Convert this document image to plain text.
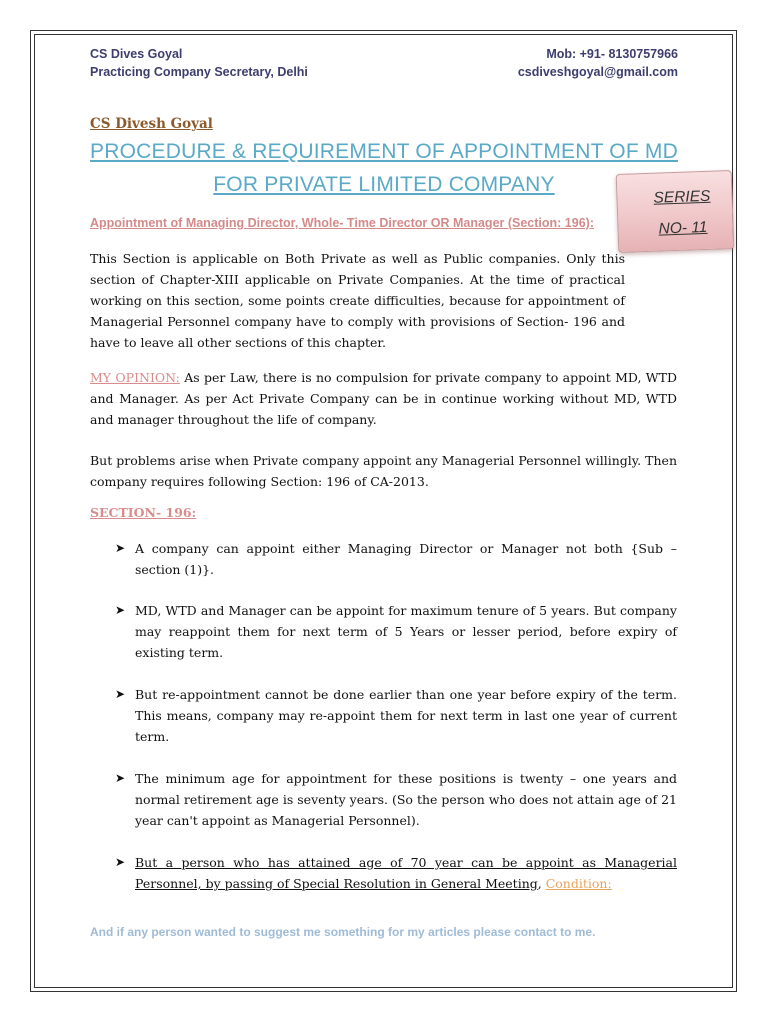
CS Dives Goyal
Practicing Company Secretary, Delhi
Mob: +91- 8130757966
csdiveshgoyal@gmail.com
CS Divesh Goyal
PROCEDURE & REQUIREMENT OF APPOINTMENT OF MD
FOR PRIVATE LIMITED COMPANY
SERIES
NO- 11
Appointment of Managing Director, Whole- Time Director OR Manager (Section: 196):
This Section is applicable on Both Private as well as Public companies. Only this section of Chapter-XIII applicable on Private Companies. At the time of practical working on this section, some points create difficulties, because for appointment of Managerial Personnel company have to comply with provisions of Section- 196 and have to leave all other sections of this chapter.
MY OPINION: As per Law, there is no compulsion for private company to appoint MD, WTD and Manager. As per Act Private Company can be in continue working without MD, WTD and manager throughout the life of company.
But problems arise when Private company appoint any Managerial Personnel willingly. Then company requires following Section: 196 of CA-2013.
SECTION- 196:
➤ A company can appoint either Managing Director or Manager not both {Sub – section (1)}.
➤ MD, WTD and Manager can be appoint for maximum tenure of 5 years. But company may reappoint them for next term of 5 Years or lesser period, before expiry of existing term.
➤ But re-appointment cannot be done earlier than one year before expiry of the term. This means, company may re-appoint them for next term in last one year of current term.
➤ The minimum age for appointment for these positions is twenty – one years and normal retirement age is seventy years. (So the person who does not attain age of 21 year can't appoint as Managerial Personnel).
➤ But a person who has attained age of 70 year can be appoint as Managerial Personnel, by passing of Special Resolution in General Meeting, Condition:
And if any person wanted to suggest me something for my articles please contact to me.
